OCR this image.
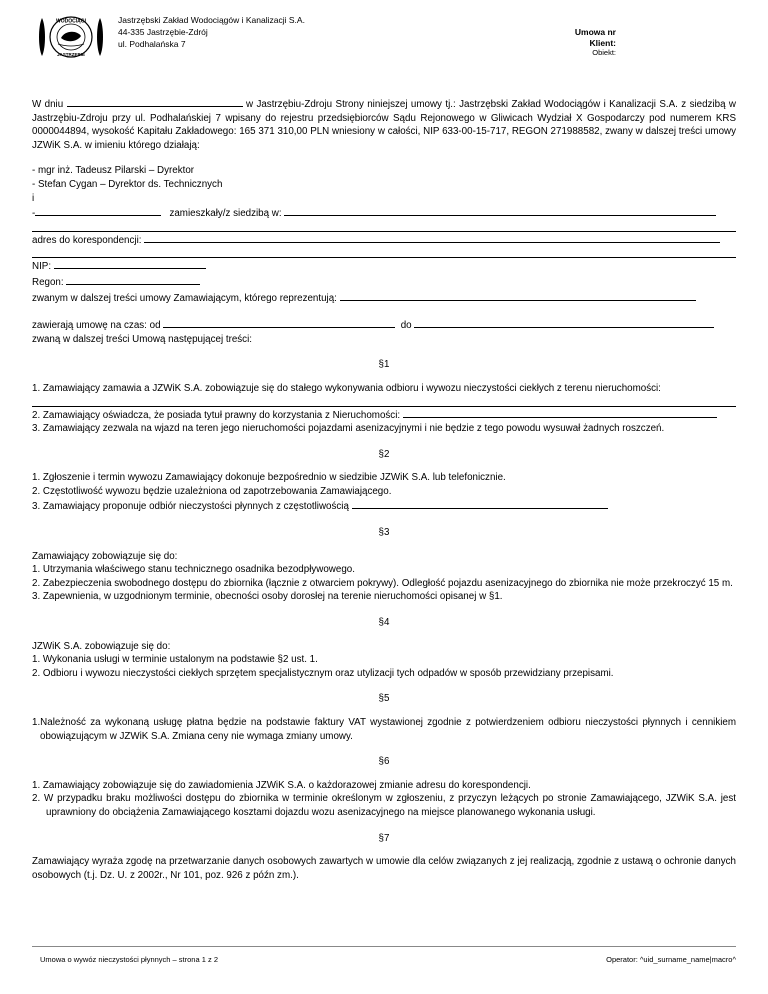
WODOCIĄGI
JASTRZĘBIE
Jastrzębski Zakład Wodociągów i Kanalizacji S.A.
44-335 Jastrzębie-Zdrój
ul. Podhalańska 7
Umowa nr
Klient:
Obiekt:
W dniu	w Jastrzębiu-Zdroju Strony niniejszej umowy tj.: Jastrzębski Zakład Wodociągów i Kanalizacji S.A. z siedzibą w Jastrzębiu-Zdroju przy ul. Podhalańskiej 7 wpisany do rejestru przedsiębiorców Sądu Rejonowego w Gliwicach Wydział X Gospodarczy pod numerem KRS 0000044894, wysokość Kapitału Zakładowego: 165 371 310,00 PLN wniesiony w całości, NIP 633-00-15-717, REGON 271988582, zwany w dalszej treści umowy JZWiK S.A. w imieniu którego działają:
- mgr inż. Tadeusz Pilarski – Dyrektor
- Stefan Cygan – Dyrektor ds. Technicznych
i
-	zamieszkały/z siedzibą w:
adres do korespondencji:
NIP:
Regon:
zwanym w dalszej treści umowy Zamawiającym, którego reprezentują:
zawierają umowę na czas: od	do
zwaną w dalszej treści Umową następującej treści:
§1
1. Zamawiający zamawia a JZWiK S.A. zobowiązuje się do stałego wykonywania odbioru i wywozu nieczystości ciekłych z terenu nieruchomości:
2. Zamawiający oświadcza, że posiada tytuł prawny do korzystania z Nieruchomości:
3. Zamawiający zezwala na wjazd na teren jego nieruchomości pojazdami asenizacyjnymi i nie będzie z tego powodu wysuwał żadnych roszczeń.
§2
1. Zgłoszenie i termin wywozu Zamawiający dokonuje bezpośrednio w siedzibie JZWiK S.A. lub telefonicznie.
2. Częstotliwość wywozu będzie uzależniona od zapotrzebowania Zamawiającego.
3. Zamawiający proponuje odbiór nieczystości płynnych z częstotliwością
§3
Zamawiający zobowiązuje się do:
1. Utrzymania właściwego stanu technicznego osadnika bezodpływowego.
2. Zabezpieczenia swobodnego dostępu do zbiornika (łącznie z otwarciem pokrywy). Odległość pojazdu asenizacyjnego do zbiornika nie może przekroczyć 15 m.
3. Zapewnienia, w uzgodnionym terminie, obecności osoby dorosłej na terenie nieruchomości opisanej w §1.
§4
JZWiK S.A. zobowiązuje się do:
1. Wykonania usługi w terminie ustalonym na podstawie §2 ust. 1.
2. Odbioru i wywozu nieczystości ciekłych sprzętem specjalistycznym oraz utylizacji tych odpadów w sposób przewidziany przepisami.
§5
1.Należność za wykonaną usługę płatna będzie na podstawie faktury VAT wystawionej zgodnie z potwierdzeniem odbioru nieczystości płynnych i cennikiem obowiązującym w JZWiK S.A. Zmiana ceny nie wymaga zmiany umowy.
§6
1. Zamawiający zobowiązuje się do zawiadomienia JZWiK S.A. o każdorazowej zmianie adresu do korespondencji.
2. W przypadku braku możliwości dostępu do zbiornika w terminie określonym w zgłoszeniu, z przyczyn leżących po stronie Zamawiającego, JZWiK S.A. jest uprawniony do obciążenia Zamawiającego kosztami dojazdu wozu asenizacyjnego na miejsce planowanego wykonania usługi.
§7
Zamawiający wyraża zgodę na przetwarzanie danych osobowych zawartych w umowie dla celów związanych z jej realizacją, zgodnie z ustawą o ochronie danych osobowych (t.j. Dz. U. z 2002r., Nr 101, poz. 926 z późn zm.).
Umowa o wywóz nieczystości płynnych – strona 1 z 2	Operator: ^uid_surname_name|macro^
